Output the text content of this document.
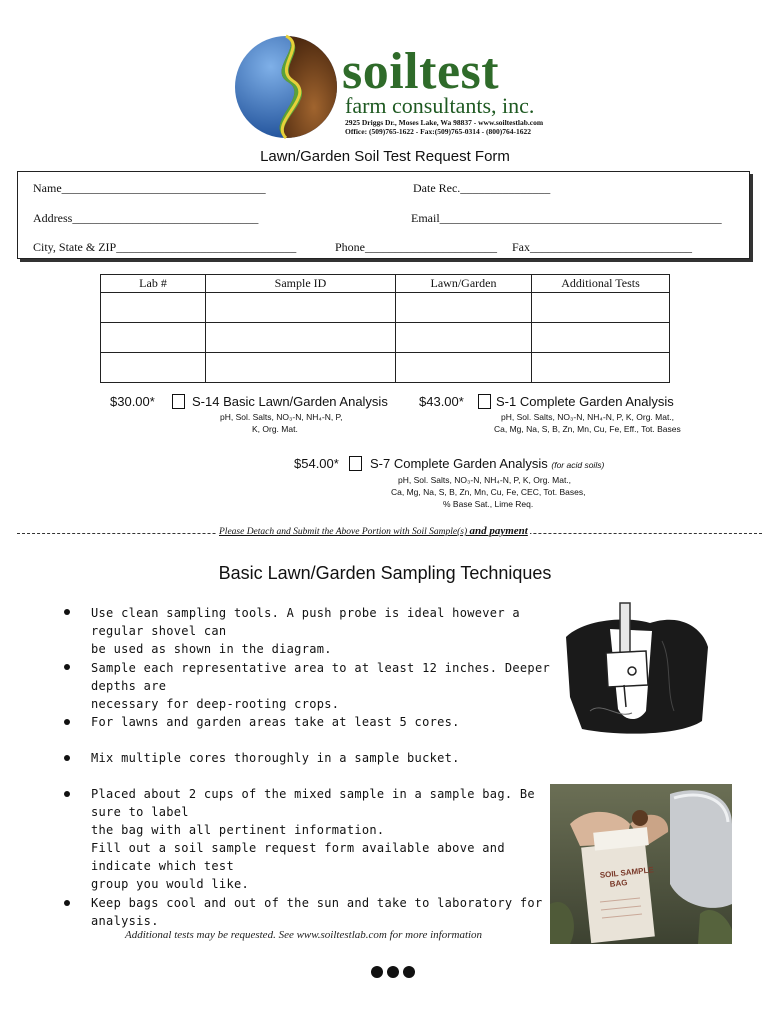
soiltest
farm consultants, inc.
2925 Driggs Dr., Moses Lake, Wa 98837 - www.soiltestlab.com
Office: (509)765-1622 - Fax:(509)765-0314 - (800)764-1622
Lawn/Garden Soil Test Request Form
Name__________________________________	Date Rec._______________
Address_______________________________	Email_______________________________________________
City, State & ZIP______________________________	Phone______________________ Fax___________________________
Lab #	Sample ID	Lawn/Garden	Additional Tests

$30.00*	S-14 Basic Lawn/Garden Analysis
pH, Sol. Salts, NO₃-N, NH₄-N, P,
K, Org. Mat.
$43.00* S-1 Complete Garden Analysis
pH, Sol. Salts, NO₃-N, NH₄-N, P, K, Org. Mat.,
Ca, Mg, Na, S, B, Zn, Mn, Cu, Fe, Eff., Tot. Bases
$54.00* S-7 Complete Garden Analysis (for acid soils)
pH, Sol. Salts, NO₃-N, NH₄-N, P, K, Org. Mat.,
Ca, Mg, Na, S, B, Zn, Mn, Cu, Fe, CEC, Tot. Bases,
% Base Sat., Lime Req.
Please Detach and Submit the Above Portion with Soil Sample(s) and payment
Basic Lawn/Garden Sampling Techniques
Use clean sampling tools. A push probe is ideal however a regular shovel can
be used as shown in the diagram.
Sample each representative area to at least 12 inches. Deeper depths are
necessary for deep-rooting crops.
For lawns and garden areas take at least 5 cores.
Mix multiple cores thoroughly in a sample bucket.
Placed about 2 cups of the mixed sample in a sample bag. Be sure to label
the bag with all pertinent information.
Fill out a soil sample request form available above and indicate which test
group you would like.
Keep bags cool and out of the sun and take to laboratory for analysis.
SOIL SAMPLE
BAG
Additional tests may be requested. See www.soiltestlab.com for more information
